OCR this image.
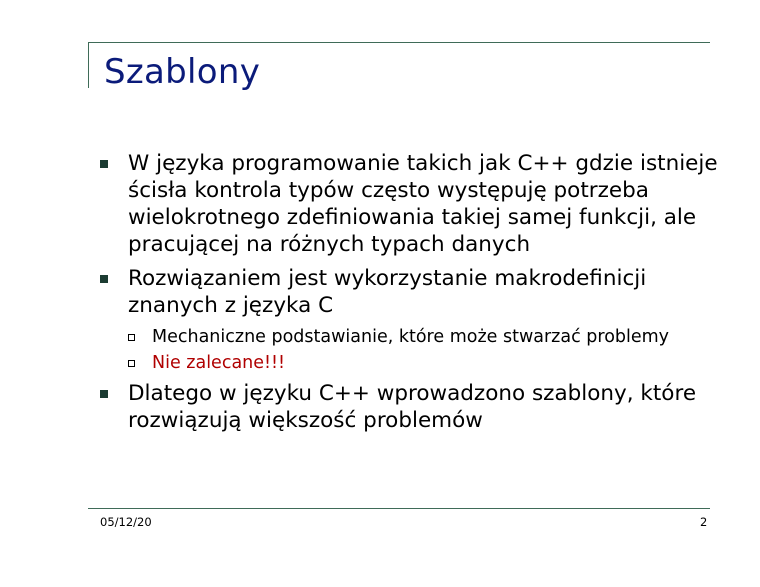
Szablony
W języka programowanie takich jak C++ gdzie istnieje ścisła kontrola typów często występuję potrzeba wielokrotnego zdefiniowania takiej samej funkcji, ale pracującej na różnych typach danych
Rozwiązaniem jest wykorzystanie makrodefinicji znanych z języka C
Mechaniczne podstawianie, które może stwarzać problemy
Nie zalecane!!!
Dlatego w języku C++ wprowadzono szablony, które rozwiązują większość problemów
05/12/20	2
